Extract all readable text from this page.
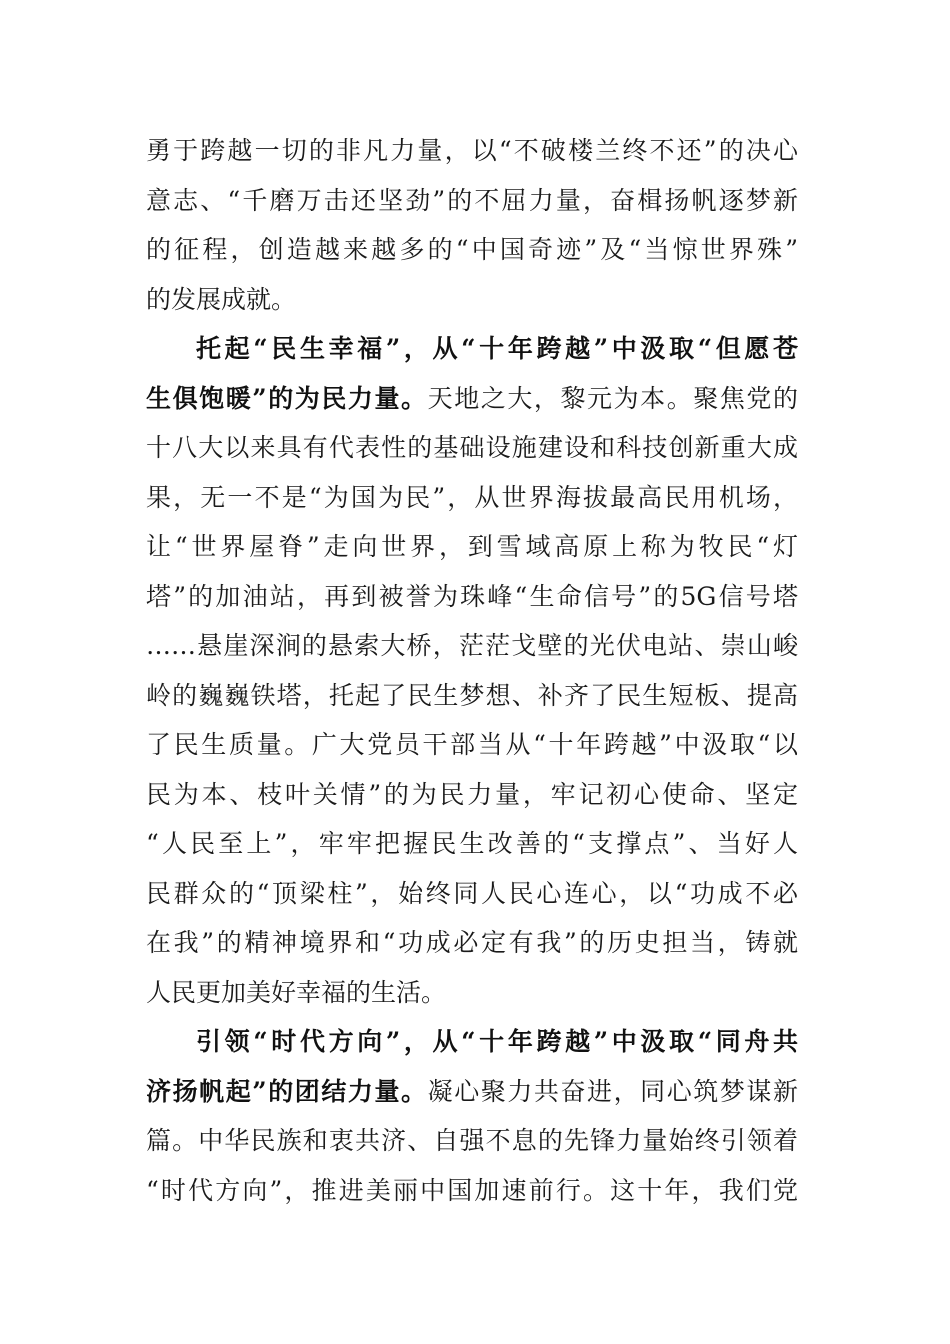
勇于跨越一切的非凡力量，以“不破楼兰终不还”的决心
意志、“千磨万击还坚劲”的不屈力量，奋楫扬帆逐梦新
的征程，创造越来越多的“中国奇迹”及“当惊世界殊”
的发展成就。
托起“民生幸福”，从“十年跨越”中汲取“但愿苍
生俱饱暖”的为民力量。天地之大，黎元为本。聚焦党的
十八大以来具有代表性的基础设施建设和科技创新重大成
果，无一不是“为国为民”，从世界海拔最高民用机场，
让“世界屋脊”走向世界，到雪域高原上称为牧民“灯
塔”的加油站，再到被誉为珠峰“生命信号”的5G信号塔
……悬崖深涧的悬索大桥，茫茫戈壁的光伏电站、崇山峻
岭的巍巍铁塔，托起了民生梦想、补齐了民生短板、提高
了民生质量。广大党员干部当从“十年跨越”中汲取“以
民为本、枝叶关情”的为民力量，牢记初心使命、坚定
“人民至上”，牢牢把握民生改善的“支撑点”、当好人
民群众的“顶梁柱”，始终同人民心连心，以“功成不必
在我”的精神境界和“功成必定有我”的历史担当，铸就
人民更加美好幸福的生活。
引领“时代方向”，从“十年跨越”中汲取“同舟共
济扬帆起”的团结力量。凝心聚力共奋进，同心筑梦谋新
篇。中华民族和衷共济、自强不息的先锋力量始终引领着
“时代方向”，推进美丽中国加速前行。这十年，我们党
